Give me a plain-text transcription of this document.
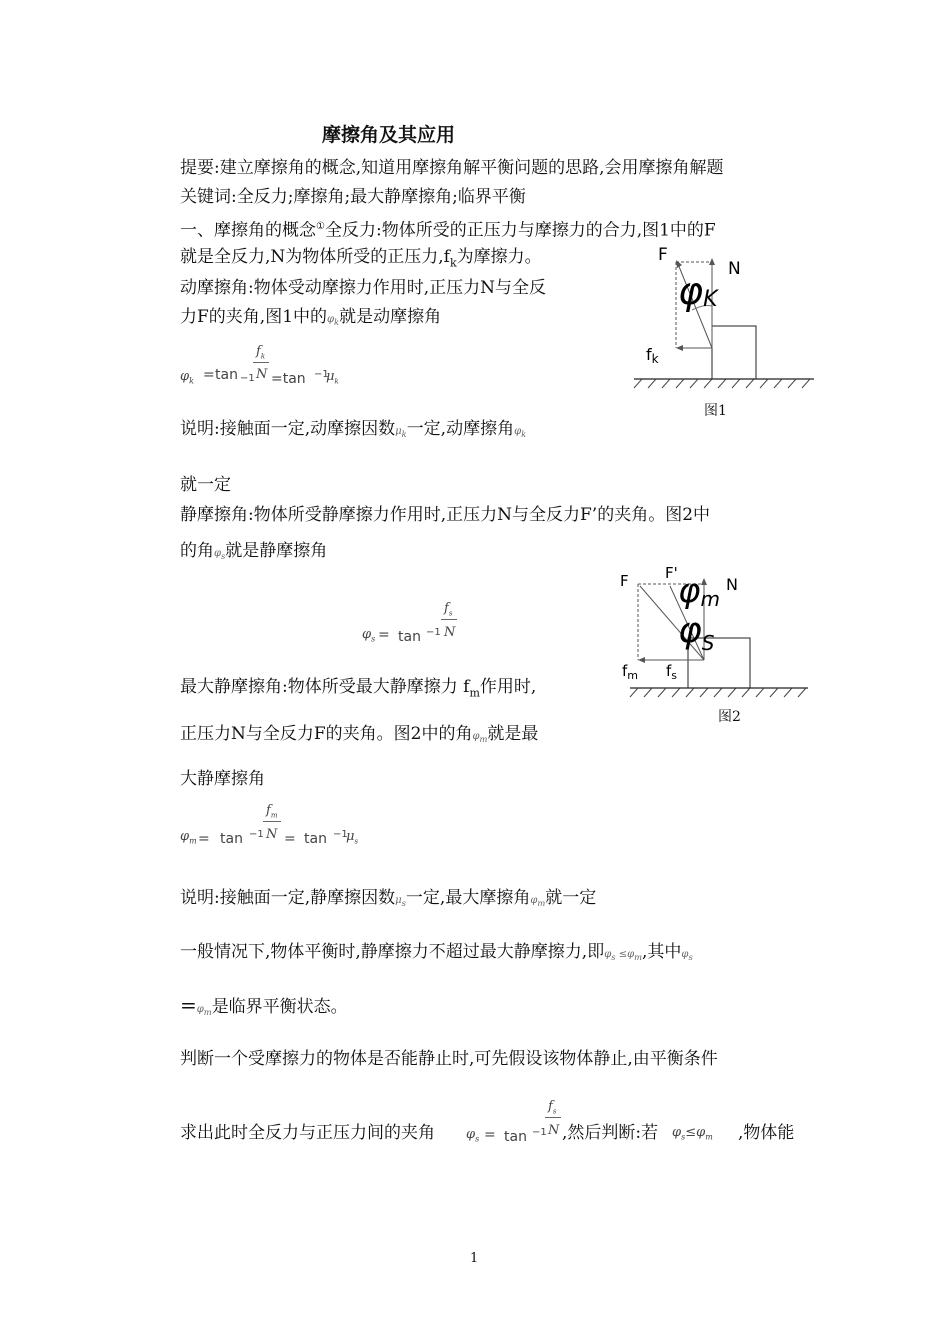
摩擦角及其应用
提要:建立摩擦角的概念,知道用摩擦角解平衡问题的思路,会用摩擦角解题
关键词:全反力;摩擦角;最大静摩擦角;临界平衡
一、摩擦角的概念①全反力:物体所受的正压力与摩擦力的合力,图1中的F
就是全反力,N为物体所受的正压力$,f_k$为摩擦力。
动摩擦角:物体受动摩擦力作用时,正压力N与全反
力F的夹角,图1中的$\varphi_k$就是动摩擦角
$\varphi_k = \tan -1$
$f_k$
N =tan −1
$\mu_k$
F
N
φK
fk
图1
说明:接触面一定,动摩擦因数$\mu_k$一定,动摩擦角$\varphi_k$
就一定
静摩擦角:物体所受静摩擦力作用时,正压力N与全反力F’的夹角。图2中
的角$\varphi_s$就是静摩擦角
$\varphi_s = \tan -1$
$f_s$
N
F F'
N
φm
$\varphi_S$
$f_m$ $f_s$
图2
最大静摩擦角:物体所受最大静摩擦力 $f_m$作用时,
正压力N与全反力F的夹角。图2中的角$\varphi_m$就是最
大静摩擦角
$\varphi_m = \tan -1$
$f_m$
N = tan −1
$\mu_s$
说明:接触面一定,静摩擦因数$\mu_s$一定,最大摩擦角$\varphi_m$就一定
一般情况下,物体平衡时,静摩擦力不超过最大静摩擦力,即$\varphi_s \le\varphi_m$,其中$\varphi_s$
$=\varphi_m$是临界平衡状态。
判断一个受摩擦力的物体是否能静止时,可先假设该物体静止,由平衡条件
求出此时全反力与正压力间的夹角 $\varphi_s = \tan -1$
$f_s$
N ,然后判断:若 $\varphi_s\le\varphi_m$ ,物体能
1
